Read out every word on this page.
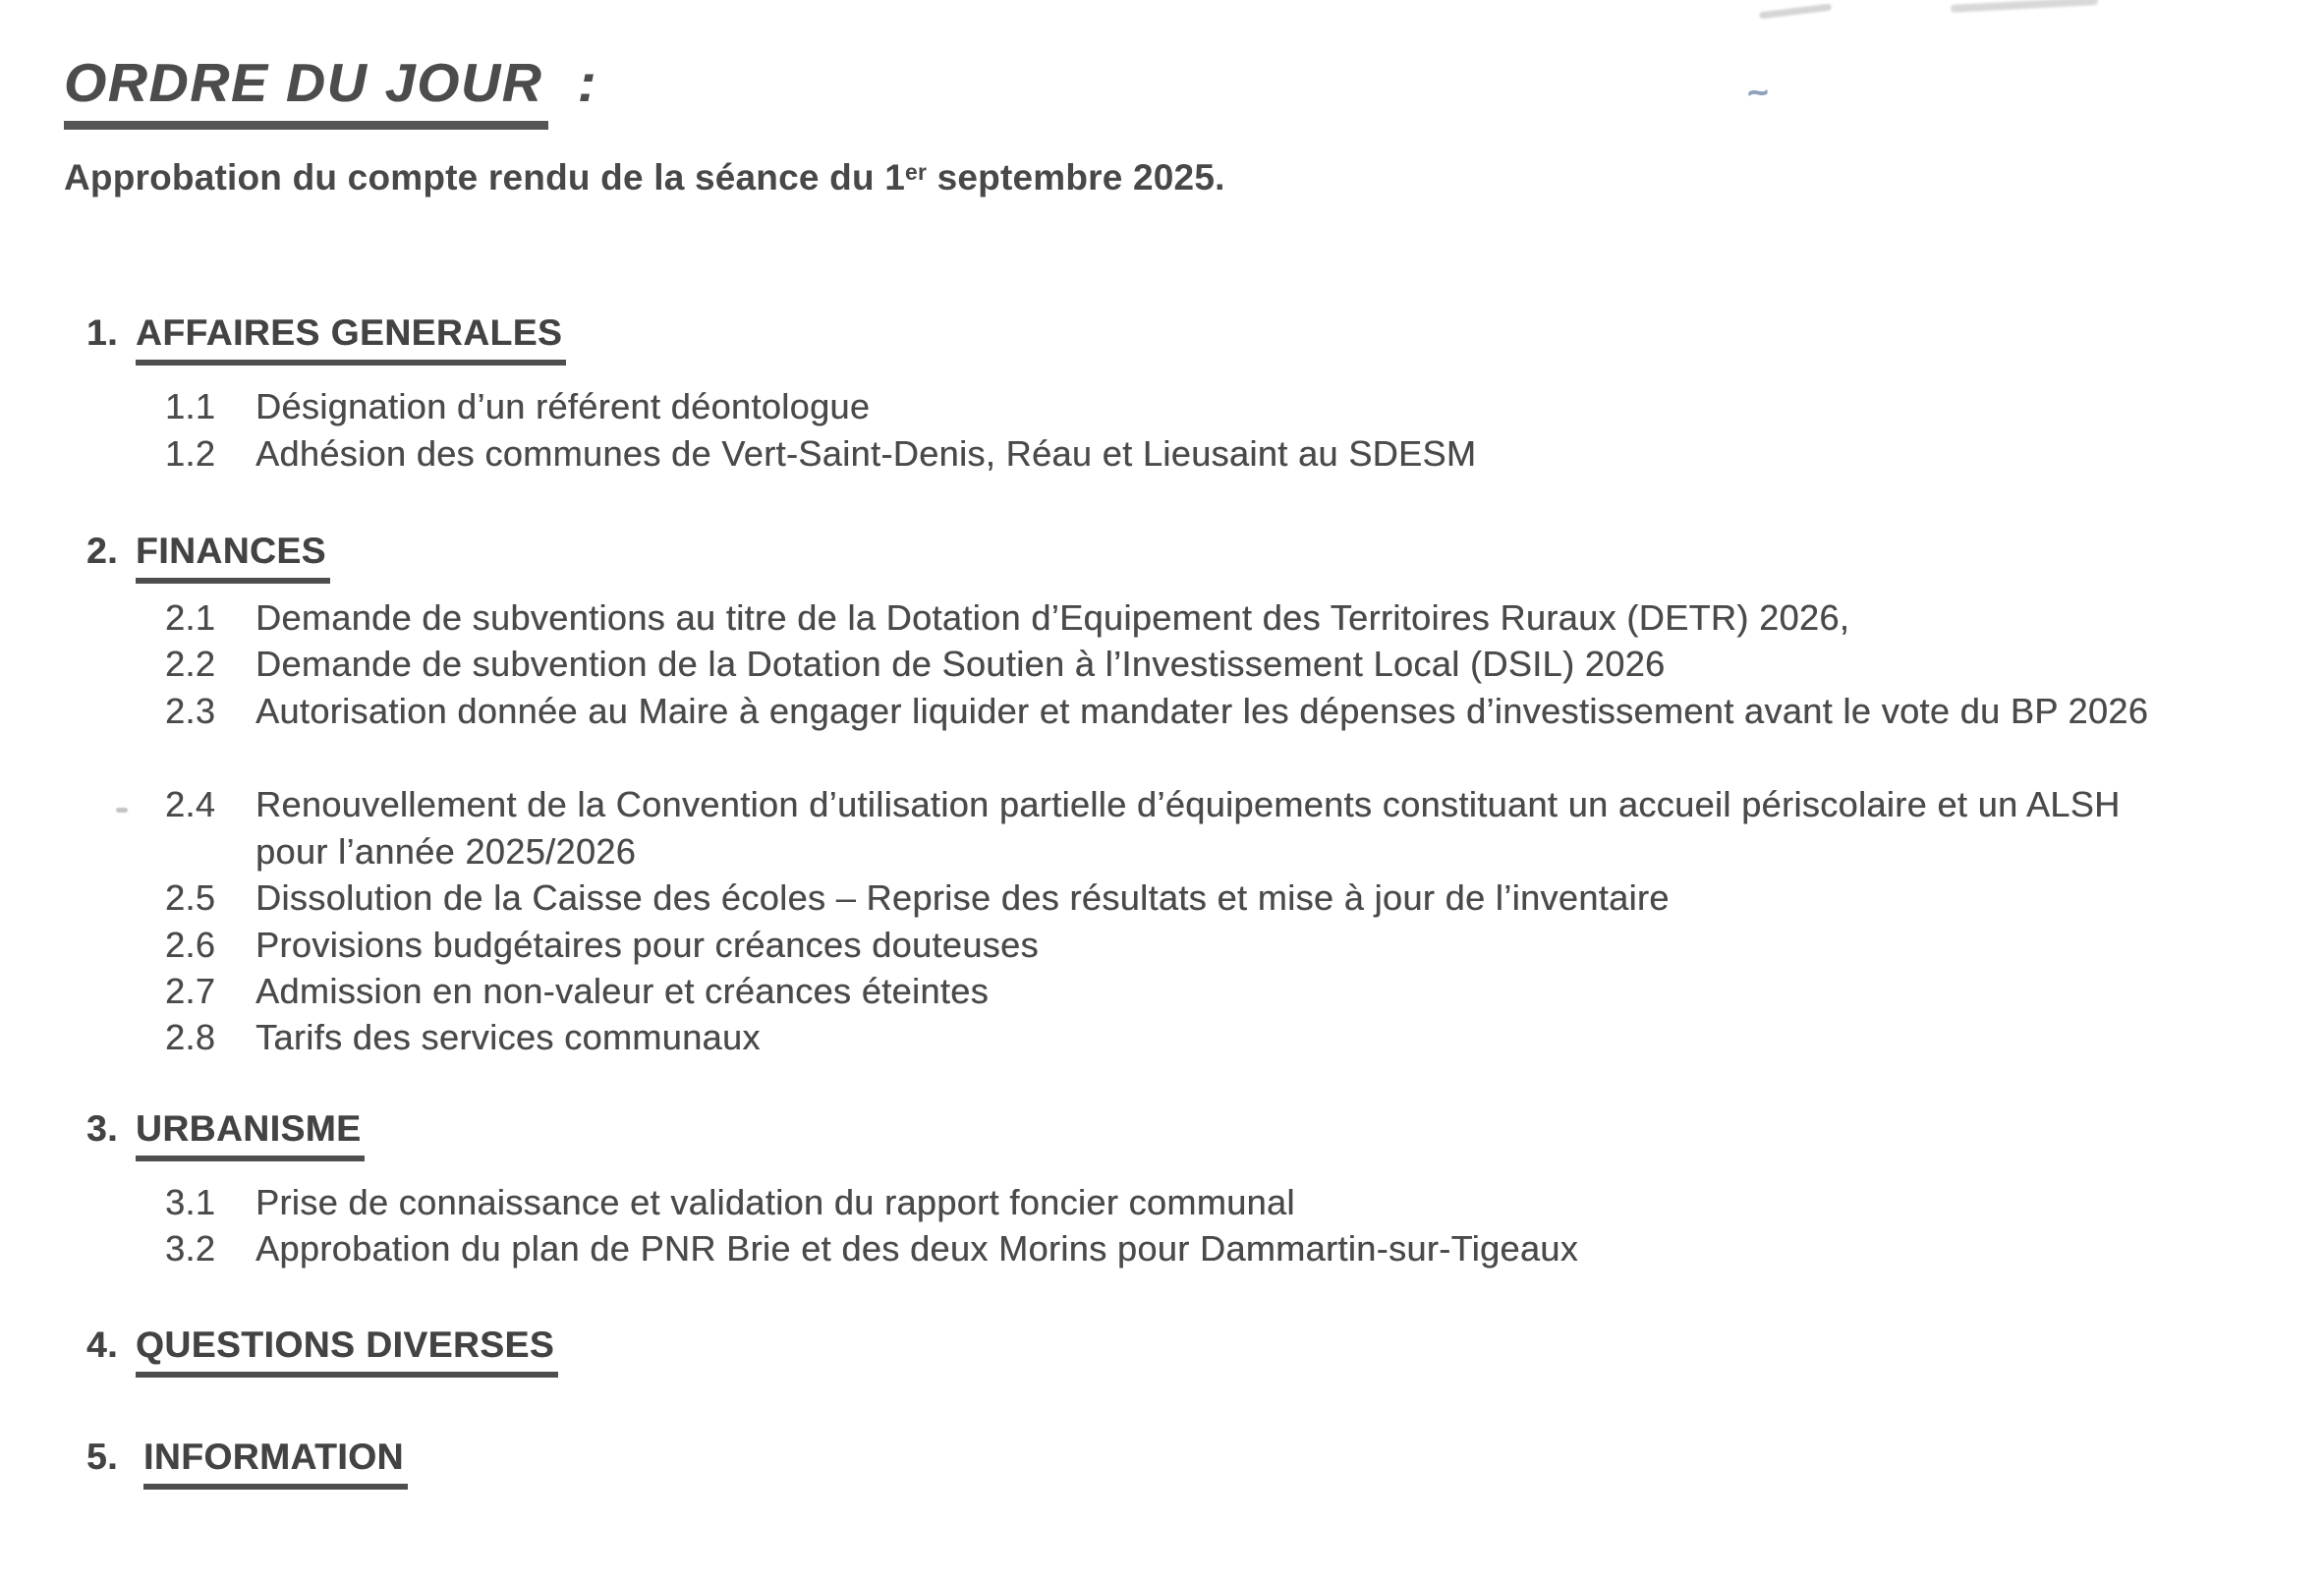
~
ORDRE DU JOUR :

Approbation du compte rendu de la séance du 1er septembre 2025.

1. AFFAIRES GENERALES
1.1	Désignation d’un référent déontologue
1.2	Adhésion des communes de Vert-Saint-Denis, Réau et Lieusaint au SDESM
2. FINANCES
2.1	Demande de subventions au titre de la Dotation d’Equipement des Territoires Ruraux (DETR) 2026,
2.2	Demande de subvention de la Dotation de Soutien à l’Investissement Local (DSIL) 2026
2.3	Autorisation donnée au Maire à engager liquider et mandater les dépenses d’investissement avant le vote du BP 2026
2.4	Renouvellement de la Convention d’utilisation partielle d’équipements constituant un accueil périscolaire et un ALSH pour l’année 2025/2026
2.5	Dissolution de la Caisse des écoles – Reprise des résultats et mise à jour de l’inventaire
2.6	Provisions budgétaires pour créances douteuses
2.7	Admission en non-valeur et créances éteintes
2.8	Tarifs des services communaux
3. URBANISME
3.1	Prise de connaissance et validation du rapport foncier communal
3.2	Approbation du plan de PNR Brie et des deux Morins pour Dammartin-sur-Tigeaux
4. QUESTIONS DIVERSES
5. INFORMATION
